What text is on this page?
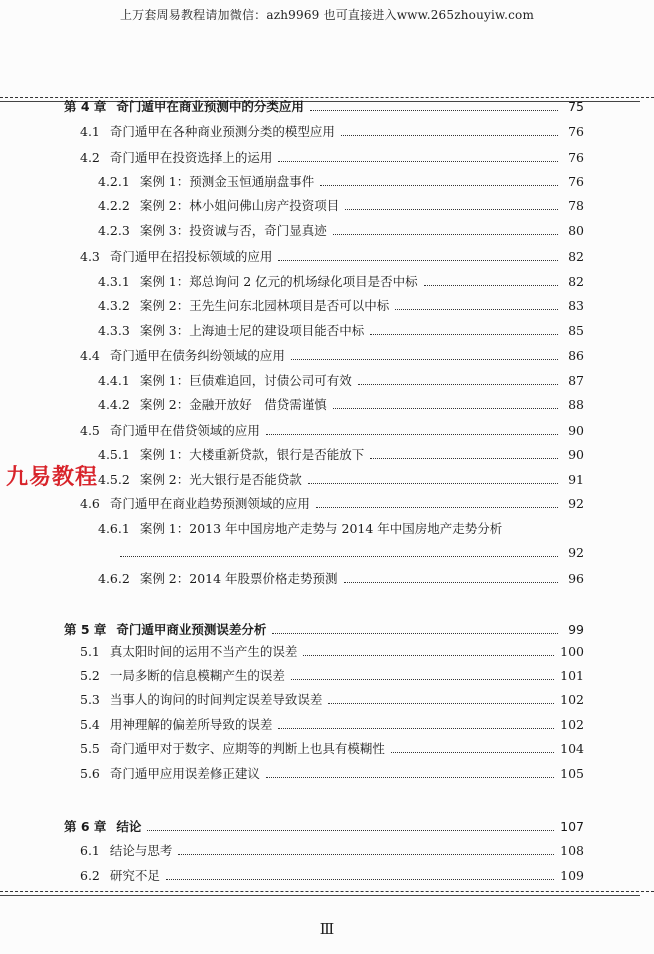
上万套周易教程请加微信：azh9969 也可直接进入www.265zhouyiw.com
第 4 章 奇门遁甲在商业预测中的分类应用	75
4.1 奇门遁甲在各种商业预测分类的模型应用	76
4.2 奇门遁甲在投资选择上的运用	76
4.2.1 案例 1：预测金玉恒通崩盘事件	76
4.2.2 案例 2：林小姐问佛山房产投资项目	78
4.2.3 案例 3：投资诚与否，奇门显真迹	80
4.3 奇门遁甲在招投标领域的应用	82
4.3.1 案例 1：郑总询问 2 亿元的机场绿化项目是否中标	82
4.3.2 案例 2：王先生问东北园林项目是否可以中标	83
4.3.3 案例 3：上海迪士尼的建设项目能否中标	85
4.4 奇门遁甲在债务纠纷领域的应用	86
4.4.1 案例 1：巨债难追回，讨债公司可有效	87
4.4.2 案例 2：金融开放好　借贷需谨慎	88
4.5 奇门遁甲在借贷领域的应用	90
4.5.1 案例 1：大楼重新贷款，银行是否能放下	90
4.5.2 案例 2：光大银行是否能贷款	91
4.6 奇门遁甲在商业趋势预测领域的应用	92
4.6.1 案例 1：2013 年中国房地产走势与 2014 年中国房地产走势分析
92
4.6.2 案例 2：2014 年股票价格走势预测	96
第 5 章 奇门遁甲商业预测误差分析	99
5.1 真太阳时间的运用不当产生的误差	100
5.2 一局多断的信息模糊产生的误差	101
5.3 当事人的询问的时间判定误差导致误差	102
5.4 用神理解的偏差所导致的误差	102
5.5 奇门遁甲对于数字、应期等的判断上也具有模糊性	104
5.6 奇门遁甲应用误差修正建议	105
第 6 章 结论	107
6.1 结论与思考	108
6.2 研究不足	109
九易教程
Ⅲ
